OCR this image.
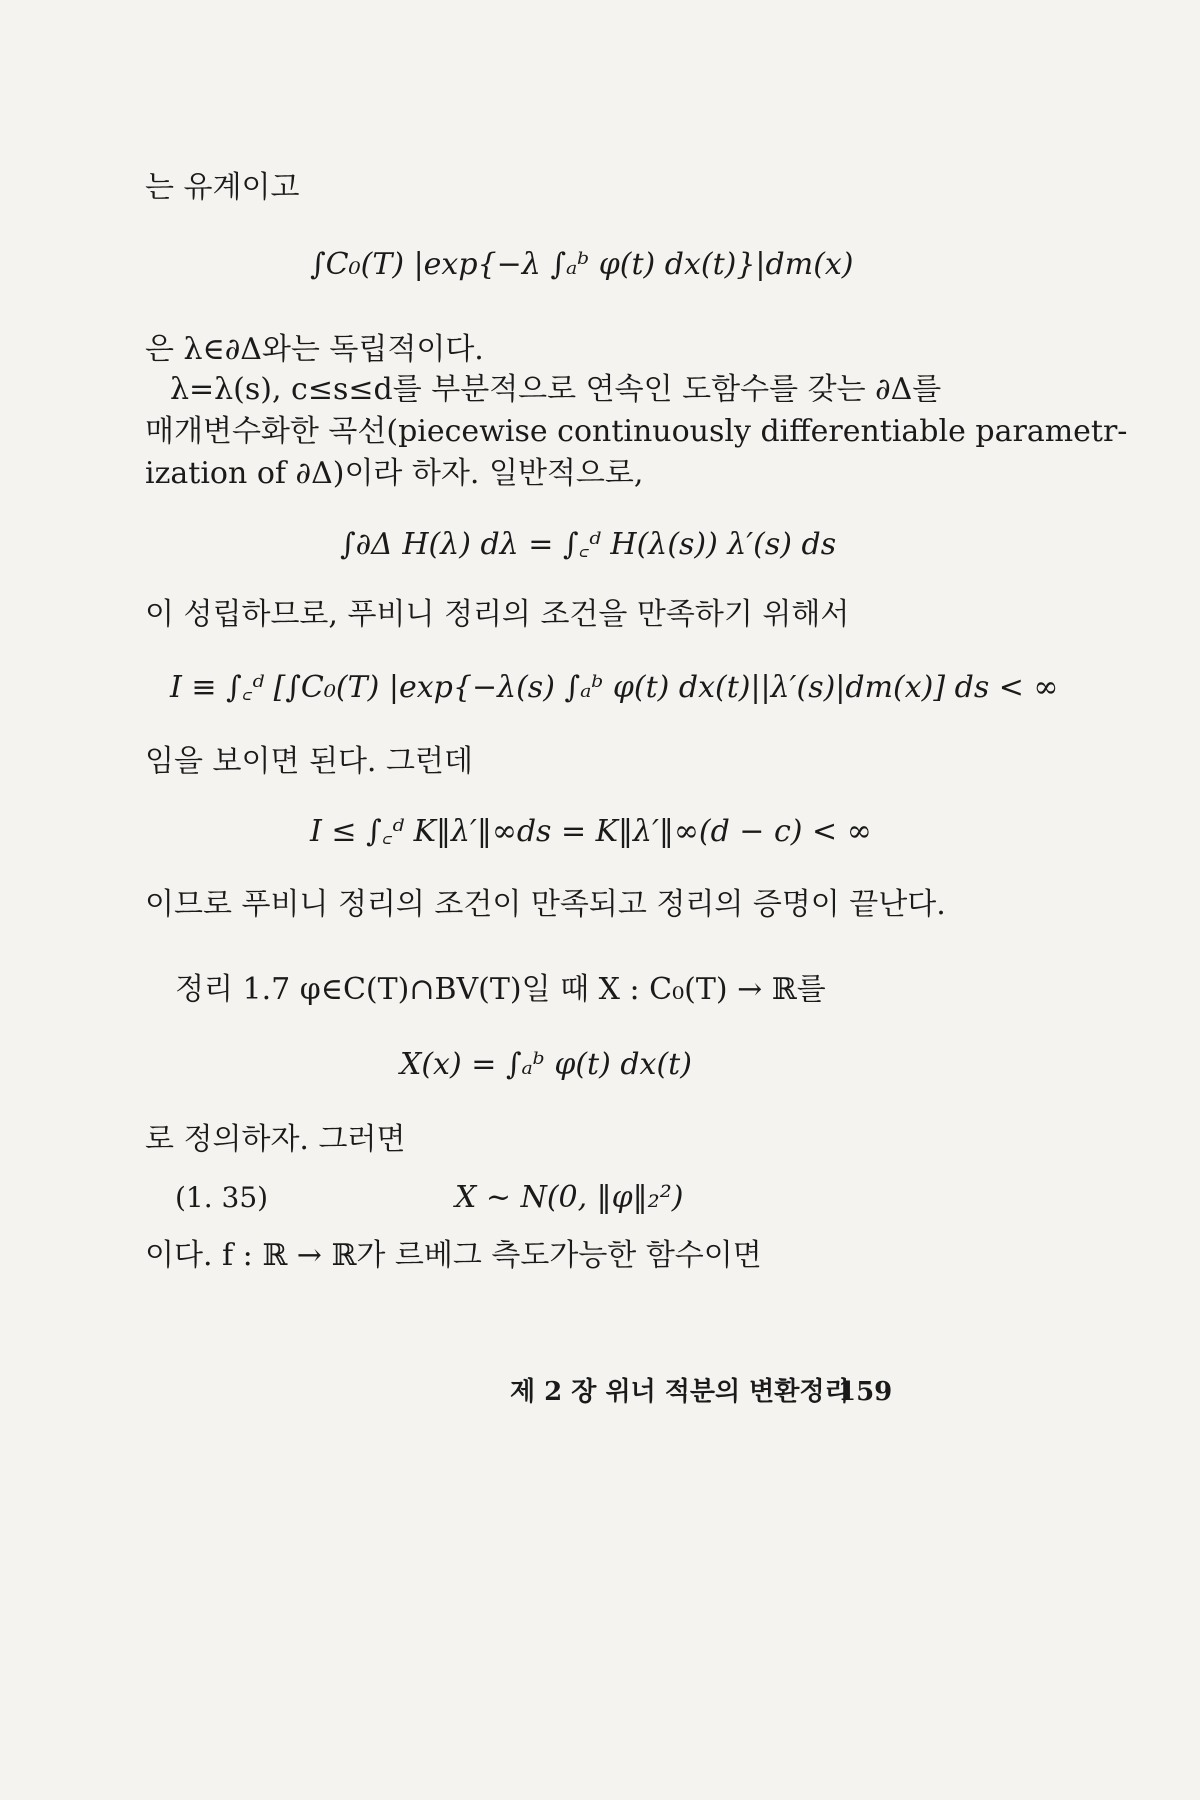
는 유계이고
∫C₀(T) |exp{−λ ∫ₐᵇ φ(t) dx(t)}|dm(x)
은 λ∈∂Δ와는 독립적이다.
λ=λ(s), c≤s≤d를 부분적으로 연속인 도함수를 갖는 ∂Δ를
매개변수화한 곡선(piecewise continuously differentiable parametr-
ization of ∂Δ)이라 하자. 일반적으로,
∫∂Δ H(λ) dλ = ∫꜀ᵈ H(λ(s)) λ′(s) ds
이 성립하므로, 푸비니 정리의 조건을 만족하기 위해서
I ≡ ∫꜀ᵈ [∫C₀(T) |exp{−λ(s) ∫ₐᵇ φ(t) dx(t)||λ′(s)|dm(x)] ds < ∞
임을 보이면 된다. 그런데
I ≤ ∫꜀ᵈ K‖λ′‖∞ds = K‖λ′‖∞(d − c) < ∞
이므로 푸비니 정리의 조건이 만족되고 정리의 증명이 끝난다.
정리 1.7 φ∈C(T)∩BV(T)일 때 X : C₀(T) → ℝ를
X(x) = ∫ₐᵇ φ(t) dx(t)
로 정의하자. 그러면
(1. 35)	X ~ N(0, ‖φ‖₂²)
이다. f : ℝ → ℝ가 르베그 측도가능한 함수이면
제 2 장 위너 적분의 변환정리
159
